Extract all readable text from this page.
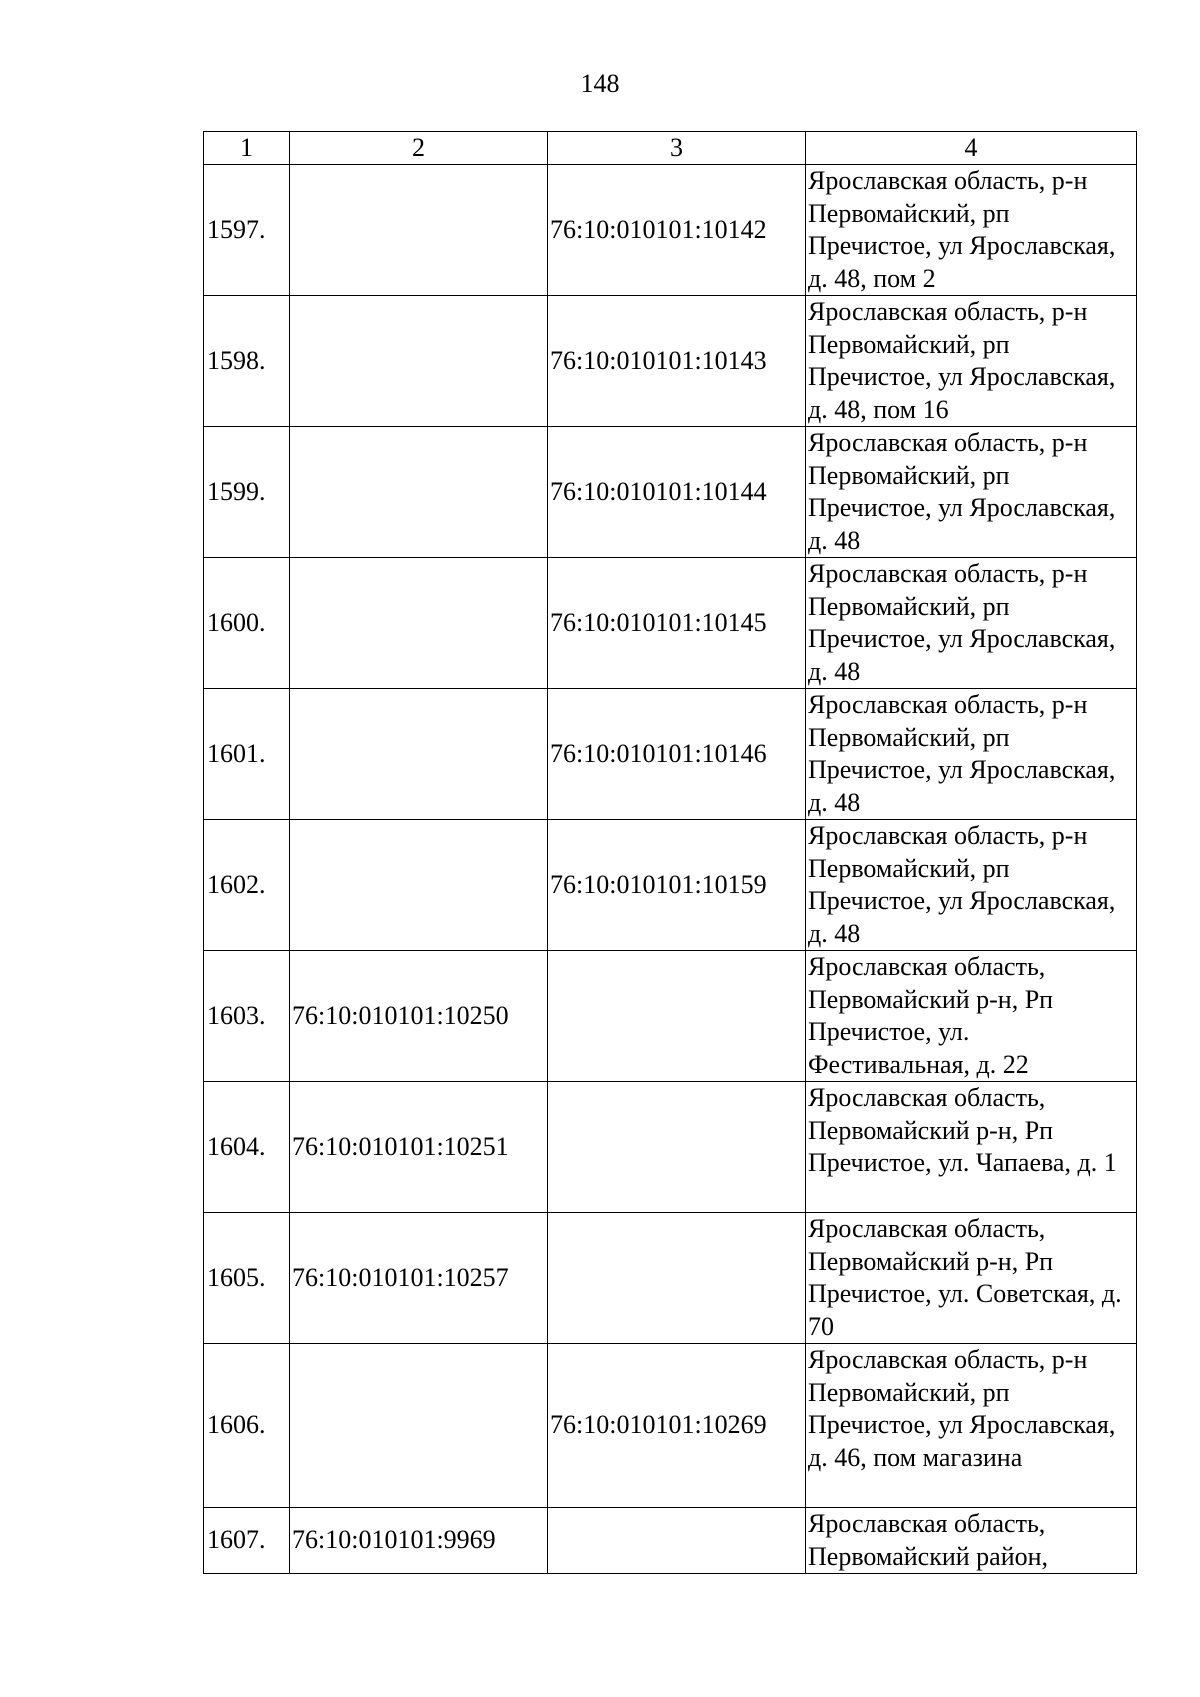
148
1	2	3	4
1597.		76:10:010101:10142	Ярославская область, р-н Первомайский, рп Пречистое, ул Ярославская, д. 48, пом 2
1598.		76:10:010101:10143	Ярославская область, р-н Первомайский, рп Пречистое, ул Ярославская, д. 48, пом 16
1599.		76:10:010101:10144	Ярославская область, р-н Первомайский, рп Пречистое, ул Ярославская, д. 48
1600.		76:10:010101:10145	Ярославская область, р-н Первомайский, рп Пречистое, ул Ярославская, д. 48
1601.		76:10:010101:10146	Ярославская область, р-н Первомайский, рп Пречистое, ул Ярославская, д. 48
1602.		76:10:010101:10159	Ярославская область, р-н Первомайский, рп Пречистое, ул Ярославская, д. 48
1603.	76:10:010101:10250		Ярославская область, Первомайский р-н, Рп Пречистое, ул. Фестивальная, д. 22
1604.	76:10:010101:10251		Ярославская область, Первомайский р-н, Рп Пречистое, ул. Чапаева, д. 1
1605.	76:10:010101:10257		Ярославская область, Первомайский р-н, Рп Пречистое, ул. Советская, д. 70
1606.		76:10:010101:10269	Ярославская область, р-н Первомайский, рп Пречистое, ул Ярославская, д. 46, пом магазина
1607.	76:10:010101:9969		Ярославская область, Первомайский район,
